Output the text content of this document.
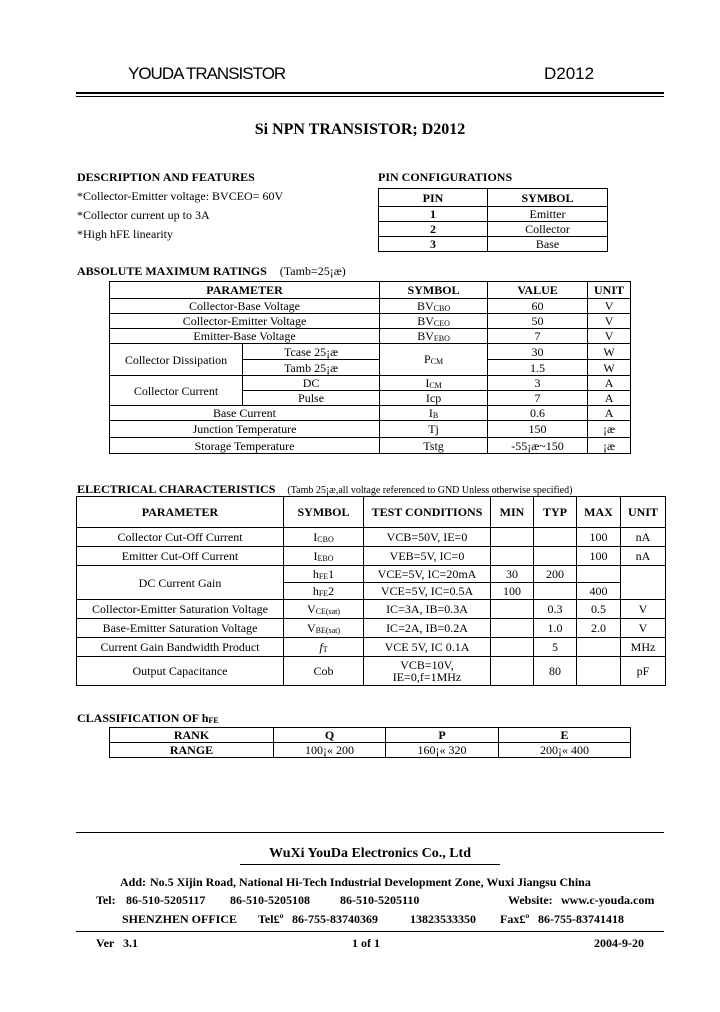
YOUDA TRANSISTOR	D2012
Si NPN TRANSISTOR; D2012
DESCRIPTION AND FEATURES
*Collector-Emitter voltage: BVCEO= 60V
*Collector current up to 3A
*High hFE linearity
PIN CONFIGURATIONS
PIN	SYMBOL
1	Emitter
2	Collector
3	Base
ABSOLUTE MAXIMUM RATINGS (Tamb=25¡æ)
PARAMETER		SYMBOL	VALUE	UNIT
Collector-Base Voltage		$BV_{CBO}$	60	V
Collector-Emitter Voltage		$BV_{CEO}$	50	V
Emitter-Base Voltage		$BV_{EBO}$	7	V
Collector Dissipation	Tcase 25¡æ	$P_{CM}$	30	W
	Tamb 25¡æ		1.5	W
Collector Current	DC	$I_{CM}$	3	A
	Pulse	Icp	7	A
Base Current		$I_B$	0.6	A
Junction Temperature		Tj	150	¡æ
Storage Temperature		Tstg	-55¡æ~150	¡æ
ELECTRICAL CHARACTERISTICS (Tamb 25¡æ,all voltage referenced to GND Unless otherwise specified)
PARAMETER	SYMBOL	TEST CONDITIONS	MIN	TYP	MAX	UNIT
Collector Cut-Off Current	$I_{CBO}$	VCB=50V, IE=0			100	nA
Emitter Cut-Off Current	$I_{EBO}$	VEB=5V, IC=0			100	nA
DC Current Gain	$h_{FE}1$	VCE=5V, IC=20mA	30	200		
	$h_{FE}2$	VCE=5V, IC=0.5A	100		400	
Collector-Emitter Saturation Voltage	$V_{CE(sat)}$	IC=3A, IB=0.3A		0.3	0.5	V
Base-Emitter Saturation Voltage	$V_{BE(sat)}$	IC=2A, IB=0.2A		1.0	2.0	V
Current Gain Bandwidth Product	$f_T$	VCE 5V, IC 0.1A		5		MHz
Output Capacitance	Cob	VCB=10V,
IE=0,f=1MHz		80		pF
CLASSIFICATION OF $h_{FE}$
RANK	Q	P	E
RANGE	100¡« 200	160¡« 320	200¡« 400
WuXi YouDa Electronics Co., Ltd
Add: No.5 Xijin Road, National Hi-Tech Industrial Development Zone, Wuxi Jiangsu China
Tel: 86-510-5205117 86-510-5205108	86-510-5205110	Website: www.c-youda.com
SHENZHEN OFFICE Tel£º 86-755-83740369	13823533350 Fax£º 86-755-83741418
Ver   3.1	1 of 1	2004-9-20
